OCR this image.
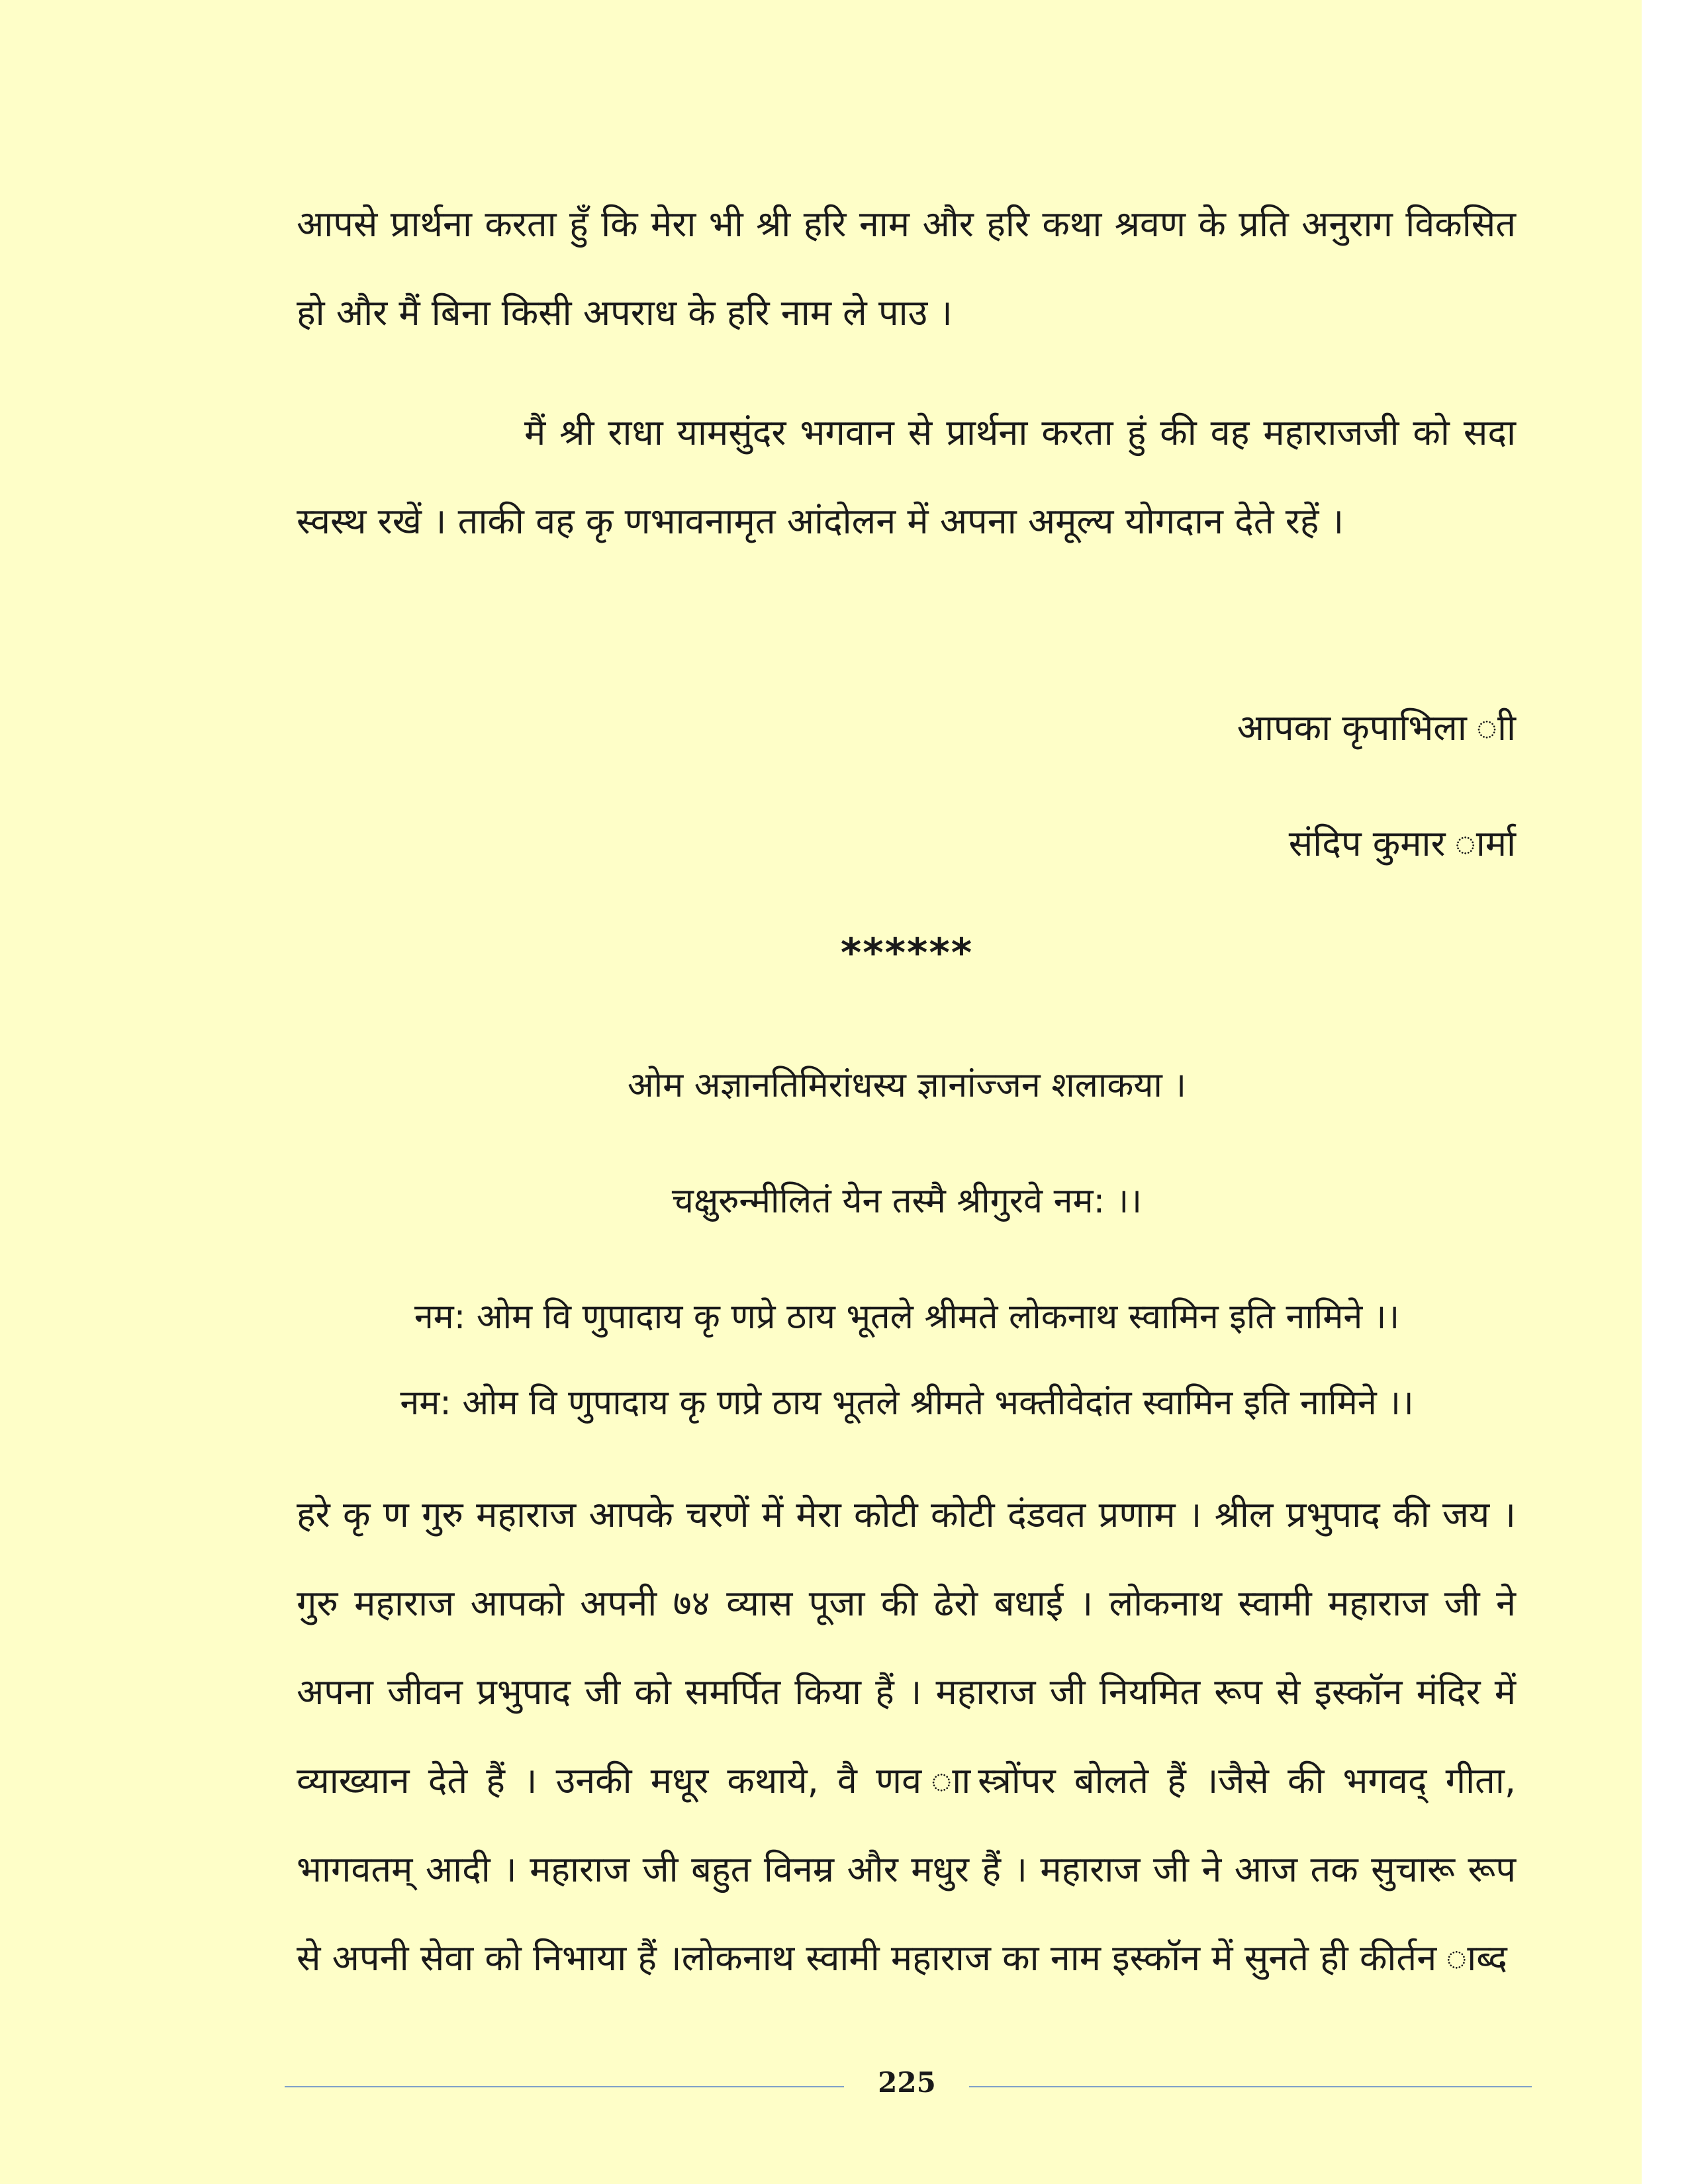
आपसे प्रार्थना करता हुँ कि मेरा भी श्री हरि नाम और हरि कथा श्रवण के प्रति अनुराग विकसित हो और मैं बिना किसी अपराध के हरि नाम ले पाउ ।

मैं श्री राधा यामसुंदर भगवान से प्रार्थना करता हुं की वह महाराजजी को सदा स्वस्थ रखें । ताकी वह कृ णभावनामृत आंदोलन में अपना अमूल्य योगदान देते रहें ।

आपका कृपाभिला ाी
संदिप कुमार ार्मा
******
ओम अज्ञानतिमिरांधस्य ज्ञानांज्जन शलाकया ।
चक्षुरुन्मीलितं येन तस्मै श्रीगुरवे नम: ।।
नम: ओम वि णुपादाय कृ णप्रे ठाय भूतले श्रीमते लोकनाथ स्वामिन इति नामिने ।।
नम: ओम वि णुपादाय कृ णप्रे ठाय भूतले श्रीमते भक्तीवेदांत स्वामिन इति नामिने ।।

हरे कृ ण गुरु महाराज आपके चरणें में मेरा कोटी कोटी दंडवत प्रणाम । श्रील प्रभुपाद की जय । गुरु महाराज आपको अपनी ७४ व्यास पूजा की ढेरो बधाई । लोकनाथ स्वामी महाराज जी ने अपना जीवन प्रभुपाद जी को समर्पित किया हैं । महाराज जी नियमित रूप से इस्कॉन मंदिर में व्याख्यान देते हैं । उनकी मधूर कथाये, वै णव ाास्त्रोंपर बोलते हैं ।जैसे की भगवद् गीता, भागवतम् आदी । महाराज जी बहुत विनम्र और मधुर हैं । महाराज जी ने आज तक सुचारू रूप से अपनी सेवा को निभाया हैं ।लोकनाथ स्वामी महाराज का नाम इस्कॉन में सुनते ही कीर्तन ाब्द

225
